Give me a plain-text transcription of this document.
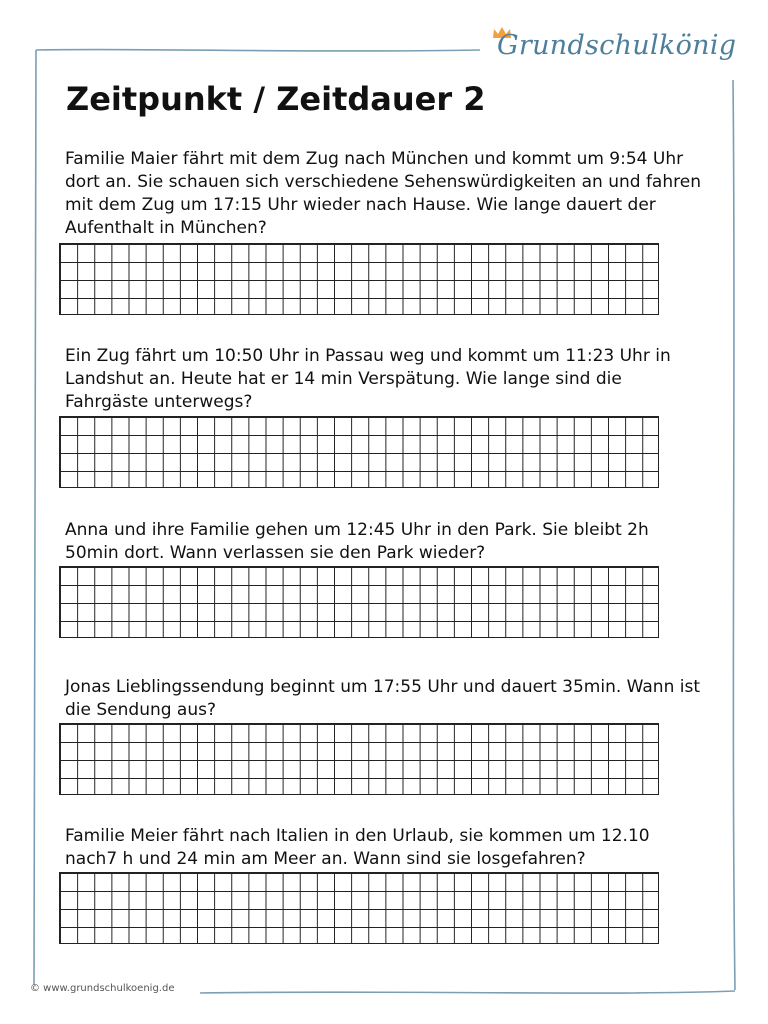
Grundschulkönig
Zeitpunkt / Zeitdauer 2

Familie Maier fährt mit dem Zug nach München und kommt um 9:54 Uhr dort an. Sie schauen sich verschiedene Sehenswürdigkeiten an und fahren mit dem Zug um 17:15 Uhr wieder nach Hause. Wie lange dauert der Aufenthalt in München?

Ein Zug fährt um 10:50 Uhr in Passau weg und kommt um 11:23 Uhr in Landshut an. Heute hat er 14 min Verspätung. Wie lange sind die Fahrgäste unterwegs?

Anna und ihre Familie gehen um 12:45 Uhr in den Park. Sie bleibt 2h 50min dort. Wann verlassen sie den Park wieder?

Jonas Lieblingssendung beginnt um 17:55 Uhr und dauert 35min. Wann ist die Sendung aus?

Familie Meier fährt nach Italien in den Urlaub, sie kommen um 12.10 nach7 h und 24 min am Meer an. Wann sind sie losgefahren?

© www.grundschulkoenig.de
